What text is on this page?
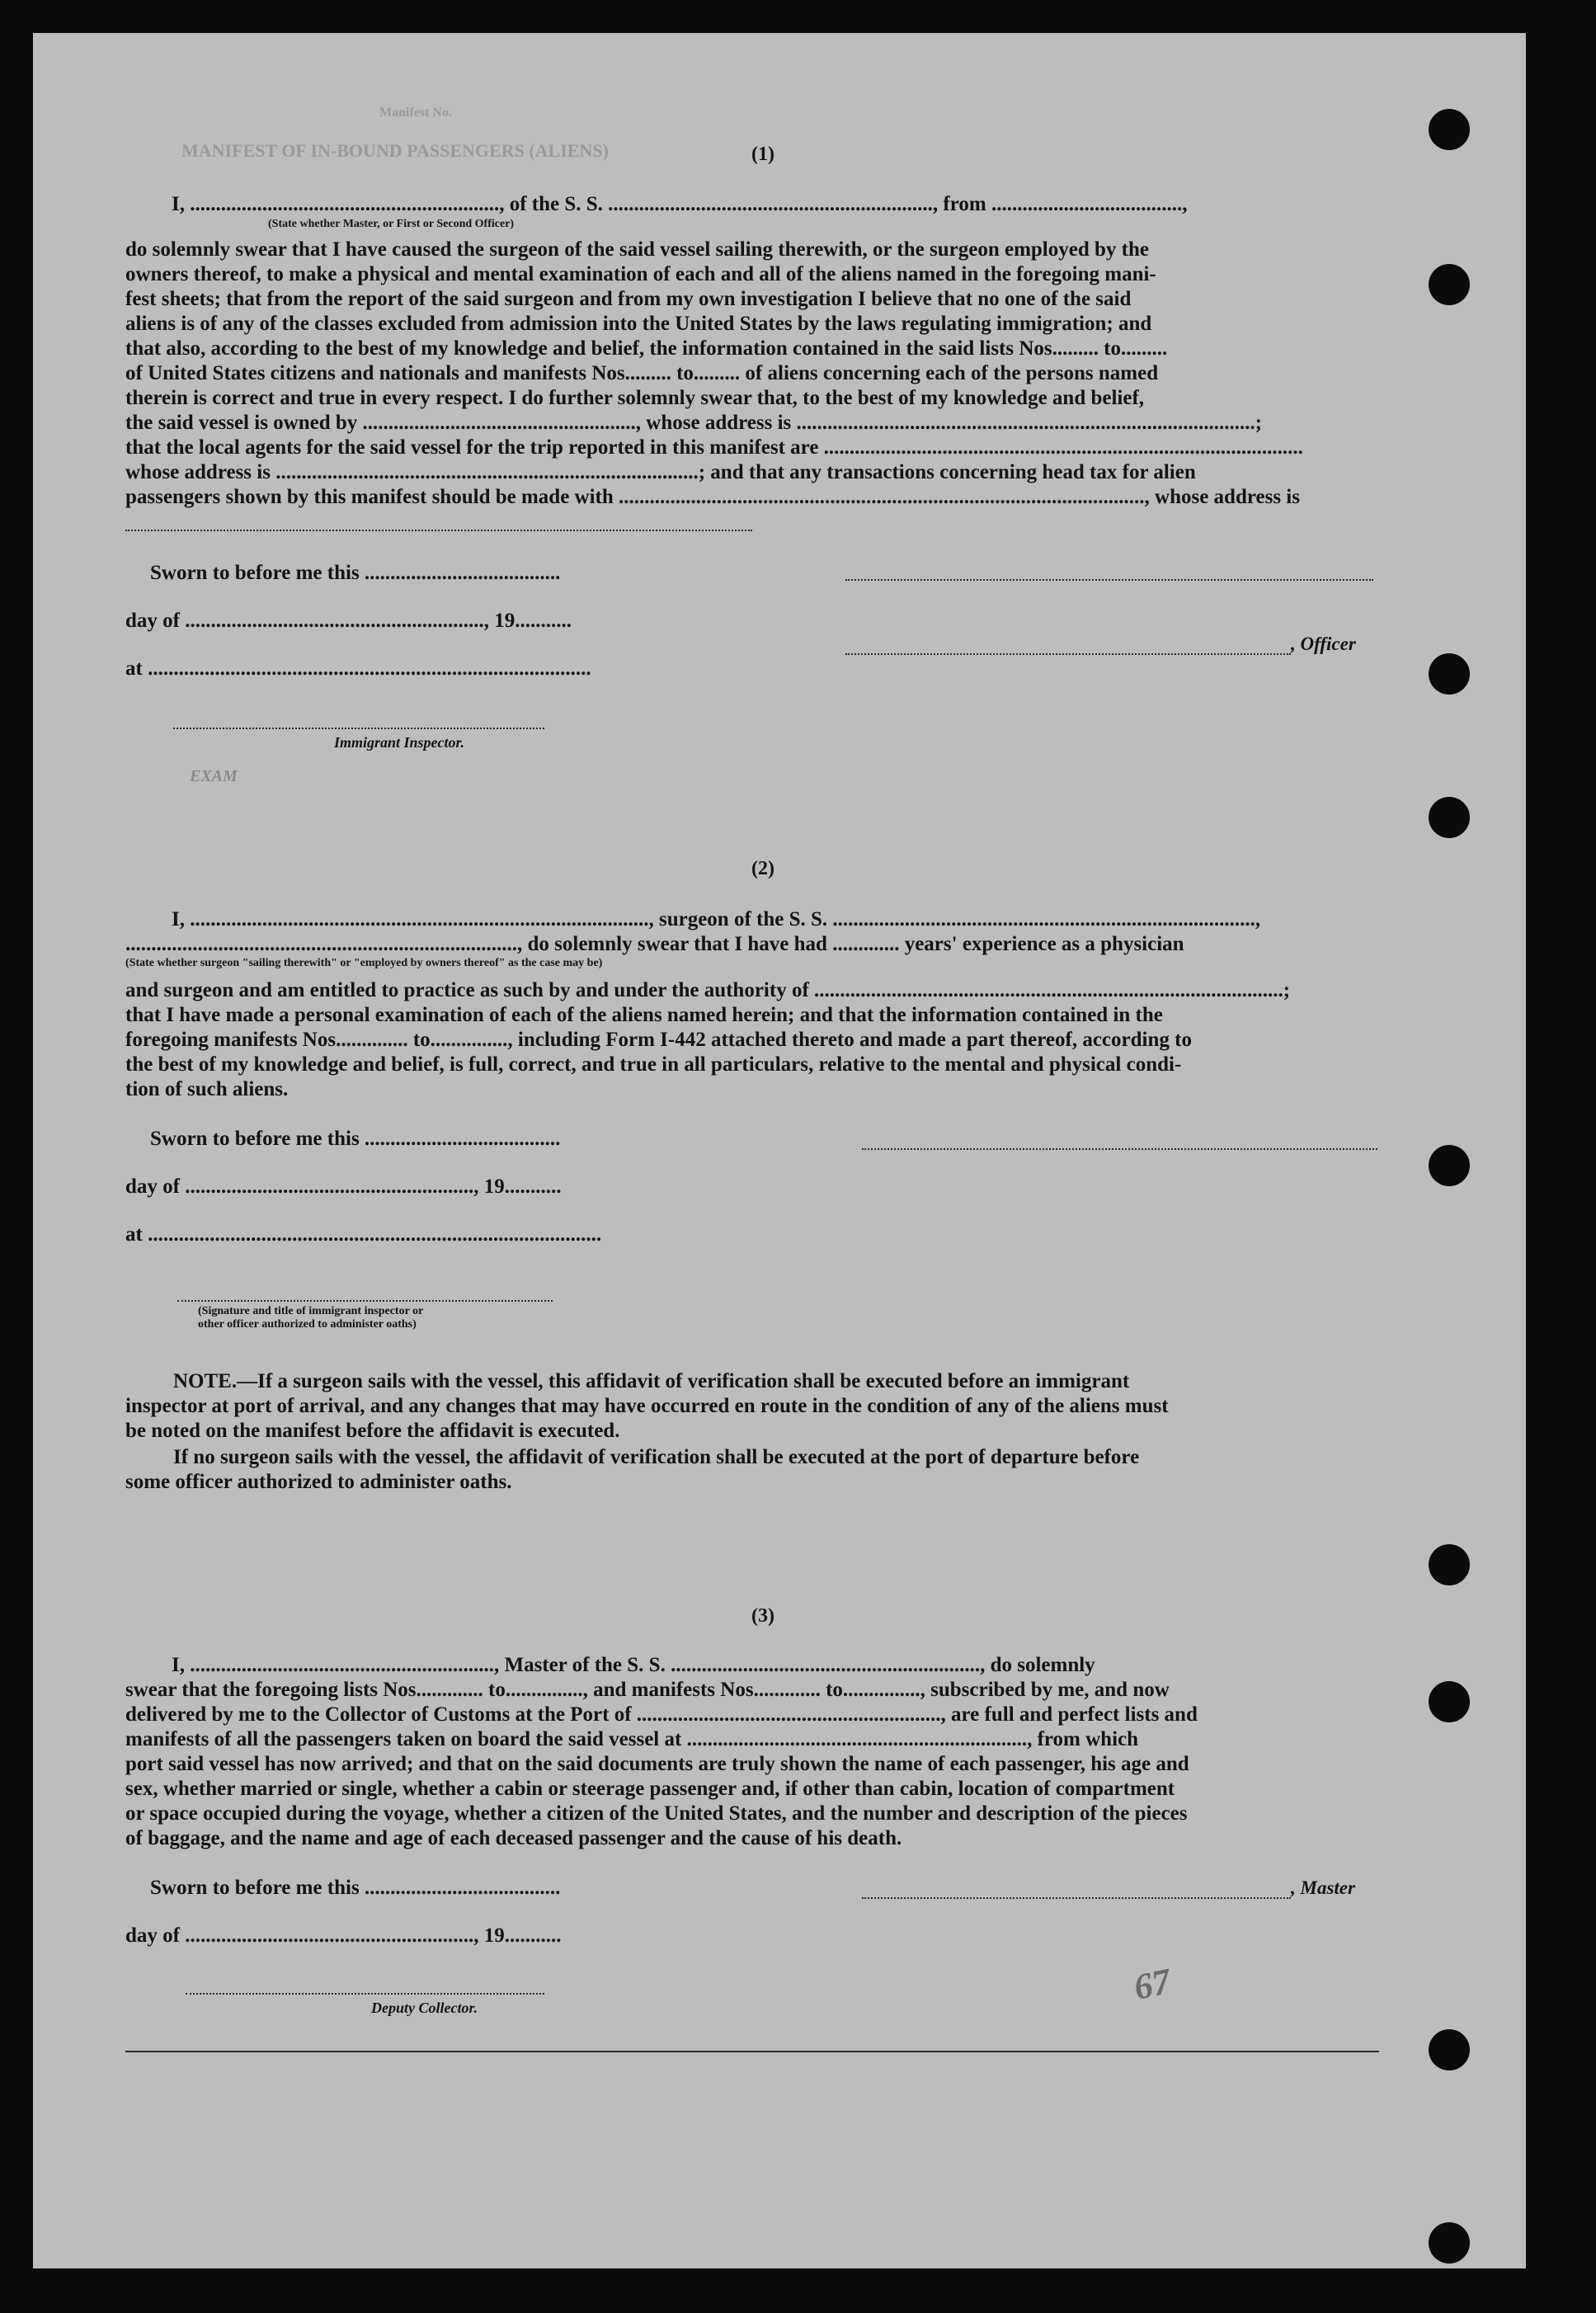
MANIFEST OF IN-BOUND PASSENGERS (ALIENS)
Manifest No.
(1)
I, ............................................................, of the S. S. ..............................................................., from .....................................,
(State whether Master, or First or Second Officer)
do solemnly swear that I have caused the surgeon of the said vessel sailing therewith, or the surgeon employed by the
owners thereof, to make a physical and mental examination of each and all of the aliens named in the foregoing mani-
fest sheets; that from the report of the said surgeon and from my own investigation I believe that no one of the said
aliens is of any of the classes excluded from admission into the United States by the laws regulating immigration; and
that also, according to the best of my knowledge and belief, the information contained in the said lists Nos......... to.........
of United States citizens and nationals and manifests Nos......... to......... of aliens concerning each of the persons named
therein is correct and true in every respect. I do further solemnly swear that, to the best of my knowledge and belief,
the said vessel is owned by ....................................................., whose address is .........................................................................................;
that the local agents for the said vessel for the trip reported in this manifest are .............................................................................................
whose address is ..................................................................................; and that any transactions concerning head tax for alien
passengers shown by this manifest should be made with ......................................................................................................, whose address is
Sworn to before me this ......................................
day of .........................................................., 19...........
, Officer
at ......................................................................................
Immigrant Inspector.
EXAM
(2)
I, ........................................................................................., surgeon of the S. S. ..................................................................................,
............................................................................, do solemnly swear that I have had ............. years' experience as a physician
(State whether surgeon "sailing therewith" or "employed by owners thereof" as the case may be)
and surgeon and am entitled to practice as such by and under the authority of ...........................................................................................;
that I have made a personal examination of each of the aliens named herein; and that the information contained in the
foregoing manifests Nos.............. to..............., including Form I-442 attached thereto and made a part thereof, according to
the best of my knowledge and belief, is full, correct, and true in all particulars, relative to the mental and physical condi-
tion of such aliens.
Sworn to before me this ......................................
day of ........................................................, 19...........
at ........................................................................................
(Signature and title of immigrant inspector or
other officer authorized to administer oaths)
NOTE.—If a surgeon sails with the vessel, this affidavit of verification shall be executed before an immigrant
inspector at port of arrival, and any changes that may have occurred en route in the condition of any of the aliens must
be noted on the manifest before the affidavit is executed.
If no surgeon sails with the vessel, the affidavit of verification shall be executed at the port of departure before
some officer authorized to administer oaths.
(3)
I, ..........................................................., Master of the S. S. ............................................................, do solemnly
swear that the foregoing lists Nos............. to..............., and manifests Nos............. to..............., subscribed by me, and now
delivered by me to the Collector of Customs at the Port of ..........................................................., are full and perfect lists and
manifests of all the passengers taken on board the said vessel at .................................................................., from which
port said vessel has now arrived; and that on the said documents are truly shown the name of each passenger, his age and
sex, whether married or single, whether a cabin or steerage passenger and, if other than cabin, location of compartment
or space occupied during the voyage, whether a citizen of the United States, and the number and description of the pieces
of baggage, and the name and age of each deceased passenger and the cause of his death.
Sworn to before me this ......................................	, Master
day of ........................................................, 19...........
Deputy Collector.	67
